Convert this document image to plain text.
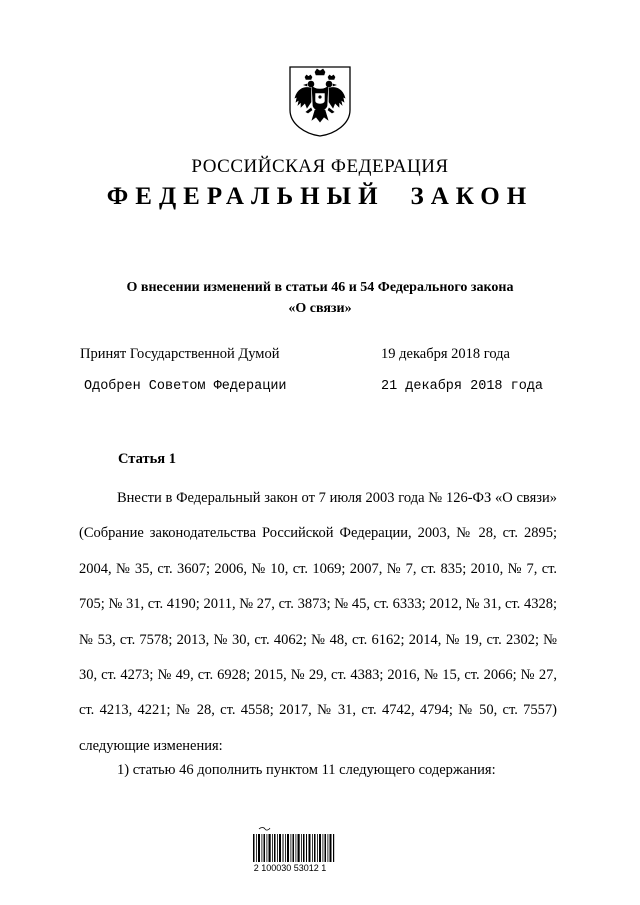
РОССИЙСКАЯ ФЕДЕРАЦИЯ
ФЕДЕРАЛЬНЫЙ ЗАКОН
О внесении изменений в статьи 46 и 54 Федерального закона
«О связи»
Принят Государственной Думой	19 декабря 2018 года
Одобрен Советом Федерации	21 декабря 2018 года
Статья 1

Внести в Федеральный закон от 7 июля 2003 года № 126-ФЗ «О связи» (Собрание законодательства Российской Федерации, 2003, № 28, ст. 2895; 2004, № 35, ст. 3607; 2006, № 10, ст. 1069; 2007, № 7, ст. 835; 2010, № 7, ст. 705; № 31, ст. 4190; 2011, № 27, ст. 3873; № 45, ст. 6333; 2012, № 31, ст. 4328; № 53, ст. 7578; 2013, № 30, ст. 4062; № 48, ст. 6162; 2014, № 19, ст. 2302; № 30, ст. 4273; № 49, ст. 6928; 2015, № 29, ст. 4383; 2016, № 15, ст. 2066; № 27, ст. 4213, 4221; № 28, ст. 4558; 2017, № 31, ст. 4742, 4794; № 50, ст. 7557) следующие изменения:

1) статью 46 дополнить пунктом 11 следующего содержания:
2 100030 53012 1
